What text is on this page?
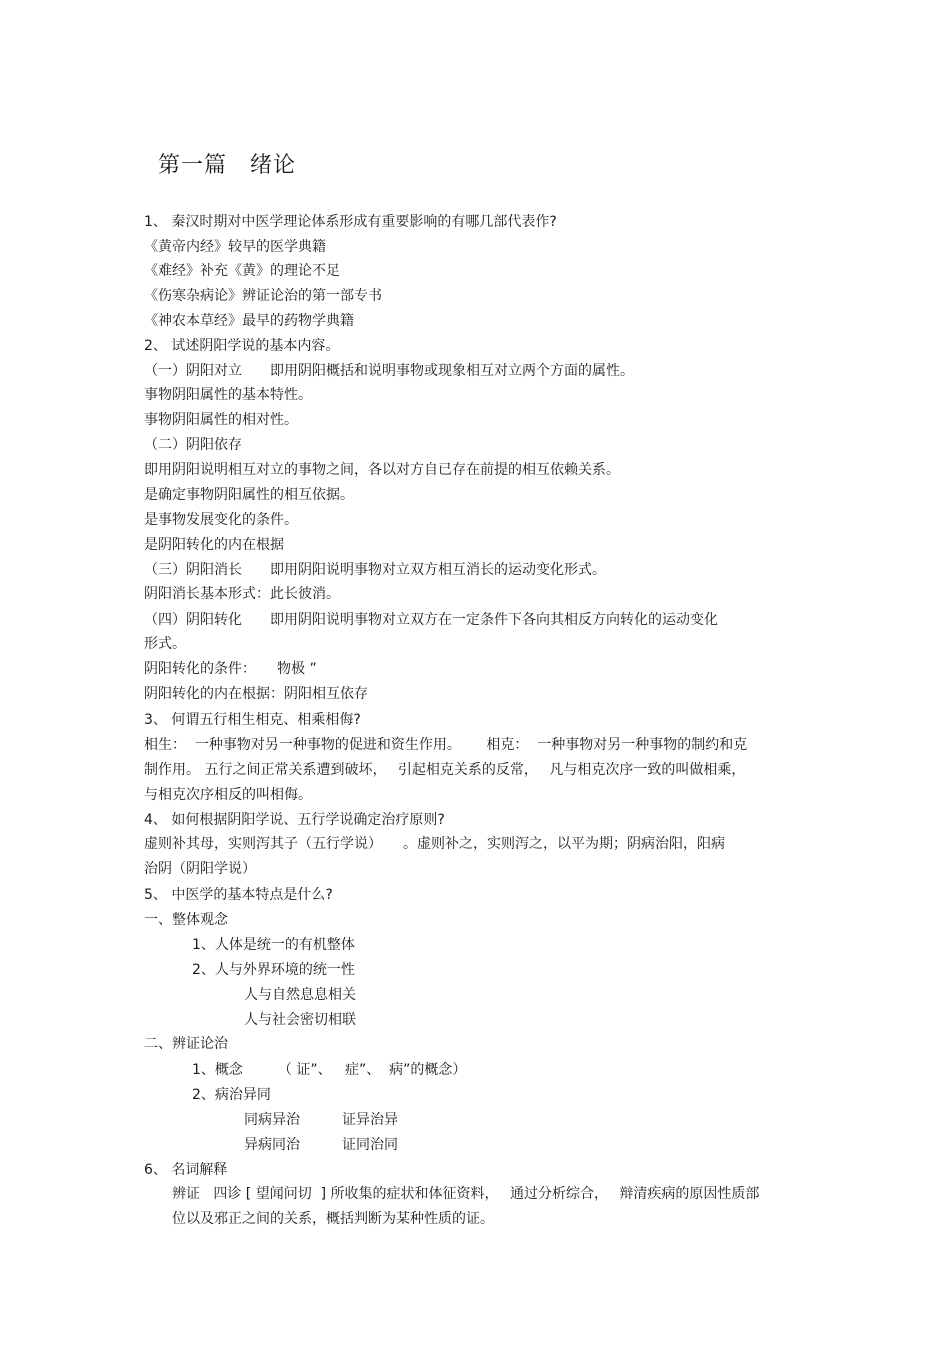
第一篇　绪论
1、 秦汉时期对中医学理论体系形成有重要影响的有哪几部代表作?
《黄帝内经》较早的医学典籍
《难经》补充《黄》的理论不足
《伤寒杂病论》辨证论治的第一部专书
《神农本草经》最早的药物学典籍
2、 试述阴阳学说的基本内容。
（一）阴阳对立　　即用阴阳概括和说明事物或现象相互对立两个方面的属性。
事物阴阳属性的基本特性。
事物阴阳属性的相对性。
（二）阴阳依存
即用阴阳说明相互对立的事物之间，各以对方自已存在前提的相互依赖关系。
是确定事物阴阳属性的相互依据。
是事物发展变化的条件。
是阴阳转化的内在根据
（三）阴阳消长　　即用阴阳说明事物对立双方相互消长的运动变化形式。
阴阳消长基本形式：此长彼消。
（四）阴阳转化　　即用阴阳说明事物对立双方在一定条件下各向其相反方向转化的运动变化
形式。
阴阳转化的条件：　　物极 ”
阴阳转化的内在根据：阴阳相互依存
3、 何谓五行相生相克、相乘相侮?
相生：  一种事物对另一种事物的促进和资生作用。　　 相克：  一种事物对另一种事物的制约和克
制作用。 五行之间正常关系遭到破坏，　 引起相克关系的反常，　 凡与相克次序一致的叫做相乘，
与相克次序相反的叫相侮。
4、 如何根据阴阳学说、五行学说确定治疗原则?
虚则补其母，实则泻其子（五行学说）　　。虚则补之，实则泻之，以平为期；阴病治阳，阳病
治阴（阴阳学说）
5、 中医学的基本特点是什么?
一、整体观念
1、人体是统一的有机整体
2、人与外界环境的统一性
人与自然息息相关
人与社会密切相联
二、辨证论治
1、概念　　　（ 证”、   症”、  病”的概念）
2、病治异同
同病异治　　　证异治异
异病同治　　　证同治同
6、 名词解释
辨证   四诊 [ 望闻问切  ] 所收集的症状和体征资料，　 通过分析综合，　 辩清疾病的原因性质部
位以及邪正之间的关系，概括判断为某种性质的证。
